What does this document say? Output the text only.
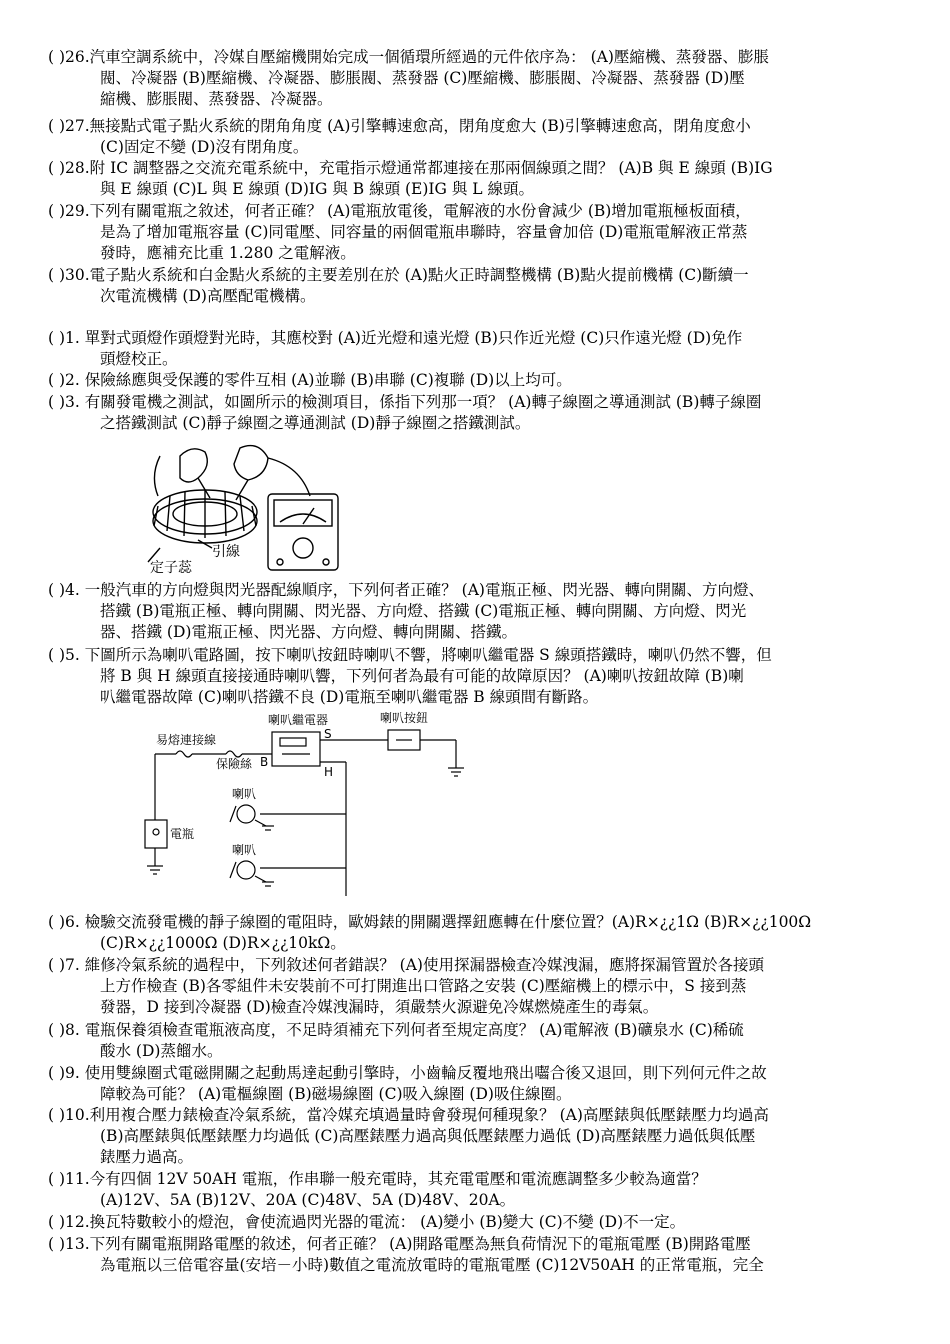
( )26.汽車空調系統中，冷媒自壓縮機開始完成一個循環所經過的元件依序為： (A)壓縮機、蒸發器、膨脹
閥、冷凝器 (B)壓縮機、冷凝器、膨脹閥、蒸發器 (C)壓縮機、膨脹閥、冷凝器、蒸發器 (D)壓
縮機、膨脹閥、蒸發器、冷凝器。
( )27.無接點式電子點火系統的閉角角度 (A)引擎轉速愈高，閉角度愈大 (B)引擎轉速愈高，閉角度愈小
(C)固定不變 (D)沒有閉角度。
( )28.附 IC 調整器之交流充電系統中，充電指示燈通常都連接在那兩個線頭之間？ (A)B 與 E 線頭 (B)IG
與 E 線頭 (C)L 與 E 線頭 (D)IG 與 B 線頭 (E)IG 與 L 線頭。
( )29.下列有關電瓶之敘述，何者正確？ (A)電瓶放電後，電解液的水份會減少 (B)增加電瓶極板面積，
是為了增加電瓶容量 (C)同電壓、同容量的兩個電瓶串聯時，容量會加倍 (D)電瓶電解液正常蒸
發時，應補充比重 1.280 之電解液。
( )30.電子點火系統和白金點火系統的主要差別在於 (A)點火正時調整機構 (B)點火提前機構 (C)斷續一
次電流機構 (D)高壓配電機構。
( )1. 單對式頭燈作頭燈對光時，其應校對 (A)近光燈和遠光燈 (B)只作近光燈 (C)只作遠光燈 (D)免作
頭燈校正。
( )2. 保險絲應與受保護的零件互相 (A)並聯 (B)串聯 (C)複聯 (D)以上均可。
( )3. 有關發電機之測試，如圖所示的檢測項目，係指下列那一項？ (A)轉子線圈之導通測試 (B)轉子線圈
之搭鐵測試 (C)靜子線圈之導通測試 (D)靜子線圈之搭鐵測試。
( )4. 一般汽車的方向燈與閃光器配線順序，下列何者正確？ (A)電瓶正極、閃光器、轉向開關、方向燈、
搭鐵 (B)電瓶正極、轉向開關、閃光器、方向燈、搭鐵 (C)電瓶正極、轉向開關、方向燈、閃光
器、搭鐵 (D)電瓶正極、閃光器、方向燈、轉向開關、搭鐵。
( )5. 下圖所示為喇叭電路圖，按下喇叭按鈕時喇叭不響，將喇叭繼電器 S 線頭搭鐵時，喇叭仍然不響，但
將 B 與 H 線頭直接接通時喇叭響，下列何者為最有可能的故障原因？ (A)喇叭按鈕故障 (B)喇
叭繼電器故障 (C)喇叭搭鐵不良 (D)電瓶至喇叭繼電器 B 線頭間有斷路。
( )6. 檢驗交流發電機的靜子線圈的電阻時，歐姆錶的開關選擇鈕應轉在什麼位置？(A)R×¿¿1Ω (B)R×¿¿100Ω
(C)R×¿¿1000Ω (D)R×¿¿10kΩ。
( )7. 維修冷氣系統的過程中，下列敘述何者錯誤？ (A)使用探漏器檢查冷媒洩漏，應將探漏管置於各接頭
上方作檢查 (B)各零組件未安裝前不可打開進出口管路之安裝 (C)壓縮機上的標示中，S 接到蒸
發器，D 接到冷凝器 (D)檢查冷媒洩漏時，須嚴禁火源避免冷媒燃燒產生的毒氣。
( )8. 電瓶保養須檢查電瓶液高度，不足時須補充下列何者至規定高度？ (A)電解液 (B)礦泉水 (C)稀硫
酸水 (D)蒸餾水。
( )9. 使用雙線圈式電磁開關之起動馬達起動引擎時，小齒輪反覆地飛出囓合後又退回，則下列何元件之故
障較為可能？ (A)電樞線圈 (B)磁場線圈 (C)吸入線圈 (D)吸住線圈。
( )10.利用複合壓力錶檢查冷氣系統，當冷媒充填過量時會發現何種現象？ (A)高壓錶與低壓錶壓力均過高
(B)高壓錶與低壓錶壓力均過低 (C)高壓錶壓力過高與低壓錶壓力過低 (D)高壓錶壓力過低與低壓
錶壓力過高。
( )11.今有四個 12V 50AH 電瓶，作串聯一般充電時，其充電電壓和電流應調整多少較為適當？
(A)12V、5A (B)12V、20A (C)48V、5A (D)48V、20A。
( )12.換瓦特數較小的燈泡，會使流過閃光器的電流： (A)變小 (B)變大 (C)不變 (D)不一定。
( )13.下列有關電瓶開路電壓的敘述，何者正確？ (A)開路電壓為無負荷情況下的電瓶電壓 (B)開路電壓
為電瓶以三倍電容量(安培－小時)數值之電流放電時的電瓶電壓 (C)12V50AH 的正常電瓶，完全
引線
定子蕊
易熔連接線
喇叭繼電器	喇叭按鈕
保險絲
S
B
H
電瓶
喇叭
喇叭
